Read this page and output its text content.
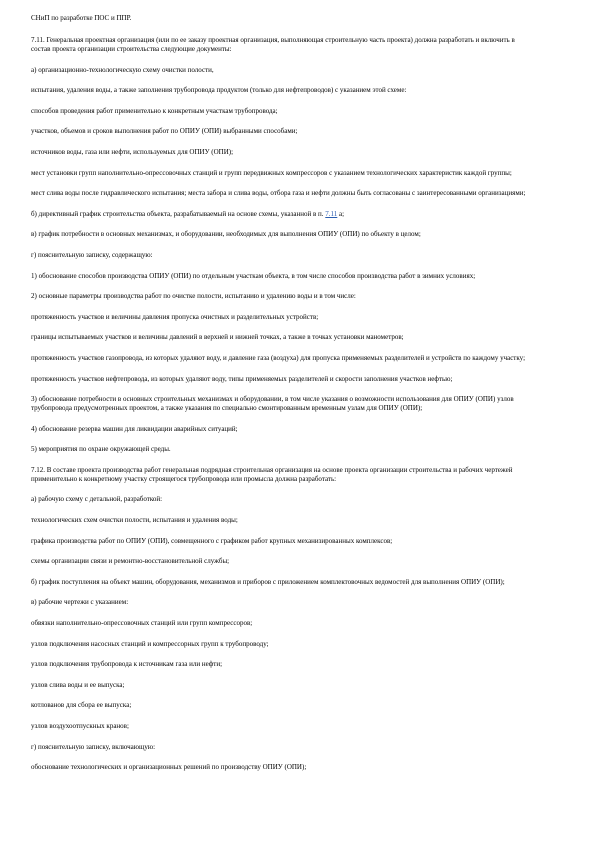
СНиП по разработке ПОС и ППР.
7.11. Генеральная проектная организация (или по ее заказу проектная организация, выполняющая строительную часть проекта) должна разработать и включить в состав проекта организации строительства следующие документы:
а) организационно-технологическую схему очистки полости,
испытания, удаления воды, а также заполнения трубопровода продуктом (только для нефтепроводов) с указанием этой схеме:
способов проведения работ применительно к конкретным участкам трубопровода;
участков, объемов и сроков выполнения работ по ОПИУ (ОПИ) выбранными способами;
источников воды, газа или нефти, используемых для ОПИУ (ОПИ);
мест установки групп наполнительно-опрессовочных станций и групп передвижных компрессоров с указанием технологических характеристик каждой группы;
мест слива воды после гидравлического испытания; места забора и слива воды, отбора газа и нефти должны быть согласованы с заинтересованными организациями;
б) директивный график строительства объекта, разрабатываемый на основе схемы, указанной в п. 7.11 а;
в) график потребности в основных механизмах, и оборудовании, необходимых для выполнения ОПИУ (ОПИ) по объекту в целом;
г) пояснительную записку, содержащую:
1) обоснование способов производства ОПИУ (ОПИ) по отдельным участкам объекта, в том числе способов производства работ в зимних условиях;
2) основные параметры производства работ по очистке полости, испытанию и удалению воды и в том числе:
протяженность участков и величины давления пропуска очистных и разделительных устройств;
границы испытываемых участков и величины давлений в верхней и нижней точках, а также в точках установки манометров;
протяженность участков газопровода, из которых удаляют воду, и давление газа (воздуха) для пропуска применяемых разделителей и устройств по каждому участку;
протяженность участков нефтепровода, из которых удаляют воду, типы применяемых разделителей и скорости заполнения участков нефтью;
3) обоснование потребности в основных строительных механизмах и оборудовании, в том числе указания о возможности использования для ОПИУ (ОПИ) узлов трубопровода предусмотренных проектом, а также указания по специально смонтированным временным узлам для ОПИУ (ОПИ);
4) обоснование резерва машин для ликвидации аварийных ситуаций;
5) мероприятия по охране окружающей среды.
7.12. В составе проекта производства работ генеральная подрядная строительная организация на основе проекта организации строительства и рабочих чертежей применительно к конкретному участку строящегося трубопровода или промысла должна разработать:
а) рабочую схему с детальной, разработкой:
технологических схем очистки полости, испытания и удаления воды;
графика производства работ по ОПИУ (ОПИ), совмещенного с графиком работ крупных механизированных комплексов;
схемы организации связи и ремонтно-восстановительной службы;
б) график поступления на объект машин, оборудования, механизмов и приборов с приложением комплектовочных ведомостей для выполнения ОПИУ (ОПИ);
в) рабочие чертежи с указанием:
обвязки наполнительно-опрессовочных станций или групп компрессоров;
узлов подключения насосных станций и компрессорных групп к трубопроводу;
узлов подключения трубопровода к источникам газа или нефти;
узлов слива воды и ее выпуска;
котлованов для сбора ее выпуска;
узлов воздухоотпускных кранов;
г) пояснительную записку, включающую:
обоснование технологических и организационных решений по производству ОПИУ (ОПИ);
